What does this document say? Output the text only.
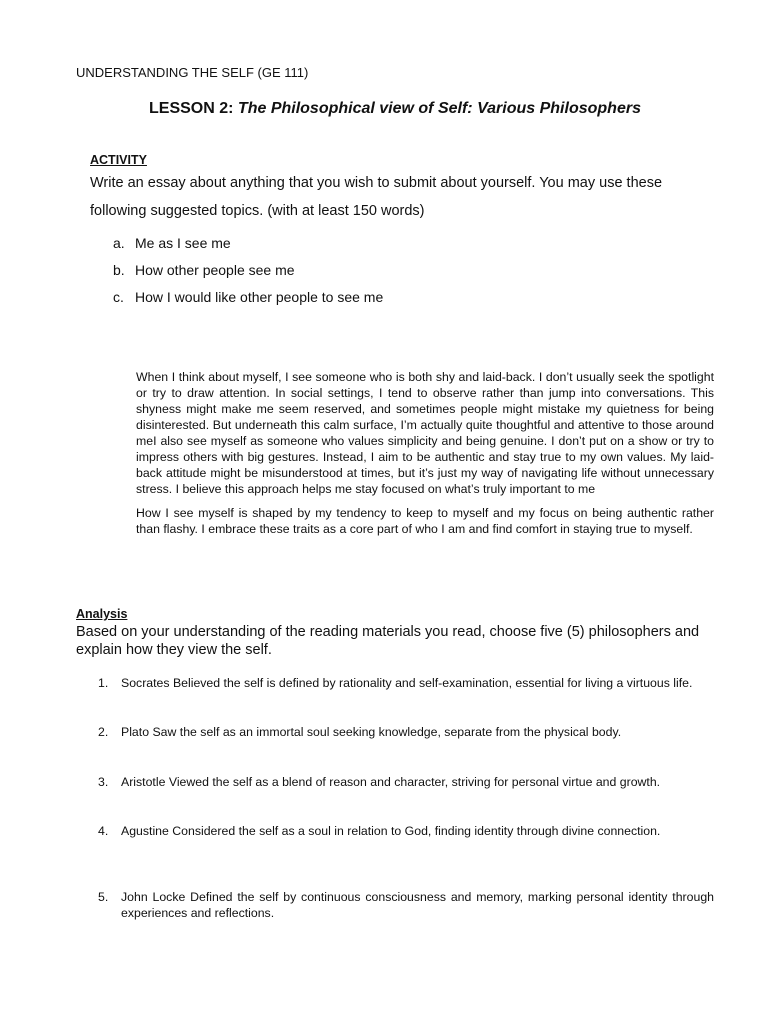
UNDERSTANDING THE SELF (GE 111)
LESSON 2: The Philosophical view of Self: Various Philosophers
ACTIVITY
Write an essay about anything that you wish to submit about yourself. You may use these following suggested topics. (with at least 150 words)
a. Me as I see me
b. How other people see me
c. How I would like other people to see me

When I think about myself, I see someone who is both shy and laid-back. I don’t usually seek the spotlight or try to draw attention. In social settings, I tend to observe rather than jump into conversations. This shyness might make me seem reserved, and sometimes people might mistake my quietness for being disinterested. But underneath this calm surface, I’m actually quite thoughtful and attentive to those around meI also see myself as someone who values simplicity and being genuine. I don’t put on a show or try to impress others with big gestures. Instead, I aim to be authentic and stay true to my own values. My laid-back attitude might be misunderstood at times, but it’s just my way of navigating life without unnecessary stress. I believe this approach helps me stay focused on what’s truly important to me

How I see myself is shaped by my tendency to keep to myself and my focus on being authentic rather than flashy. I embrace these traits as a core part of who I am and find comfort in staying true to myself.

Analysis
Based on your understanding of the reading materials you read, choose five (5) philosophers and explain how they view the self.
1. Socrates Believed the self is defined by rationality and self-examination, essential for living a virtuous life.
2. Plato Saw the self as an immortal soul seeking knowledge, separate from the physical body.
3. Aristotle Viewed the self as a blend of reason and character, striving for personal virtue and growth.
4. Agustine Considered the self as a soul in relation to God, finding identity through divine connection.
5. John Locke Defined the self by continuous consciousness and memory, marking personal identity through experiences and reflections.
